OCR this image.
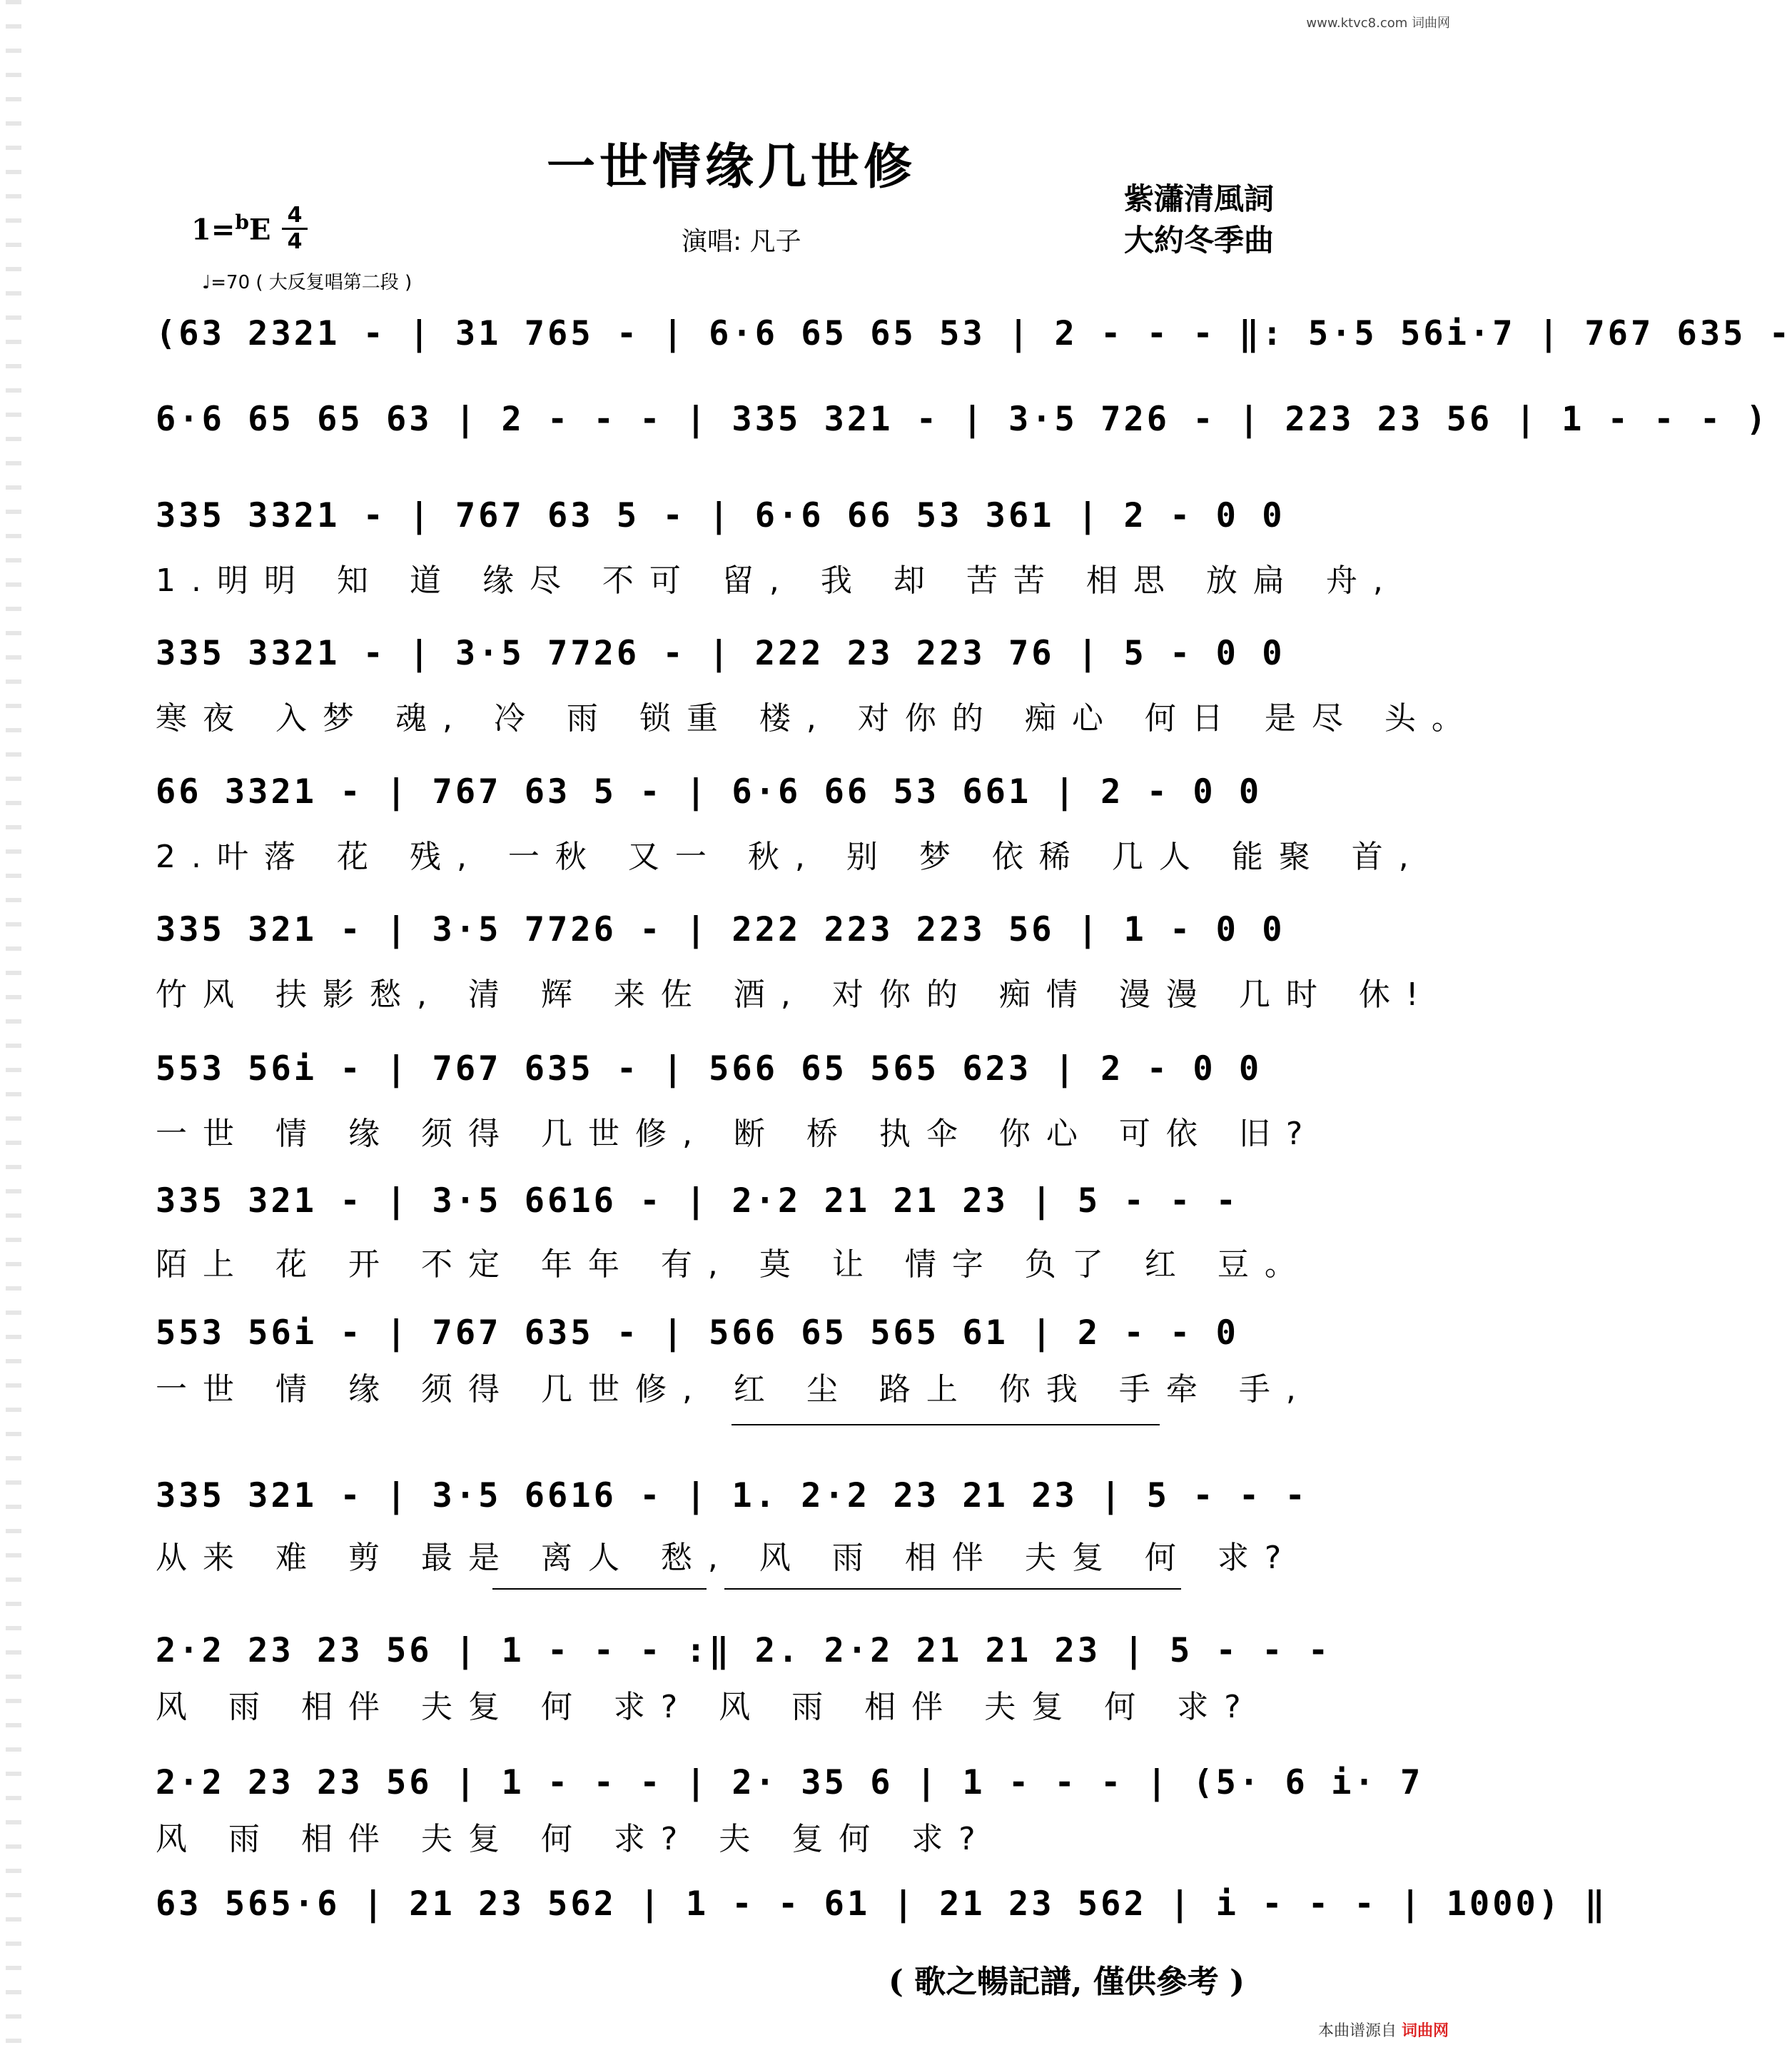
www.ktvc8.com 词曲网
一世情缘几世修
紫瀟清風詞
大約冬季曲
1=$^b$E 4
4	演唱: 凡子
♩=70 ( 大反复唱第二段 )
(63 2321 - | 31 765 - | 6·6 65 65 53 | 2 - - - ‖: 5·5 56i·7 | 767 635 -
6·6 65 65 63 | 2 - - - | 335 321 - | 3·5 726 - | 223 23 56 | 1 - - - )
335 3321 - | 767 63 5 - | 6·6 66 53 361 | 2 - 0 0
1.明明 知 道 缘尽 不可 留, 我 却 苦苦 相思 放扁 舟,
335 3321 - | 3·5 7726 - | 222 23 223 76 | 5 - 0 0
寒夜 入梦 魂, 冷 雨 锁重 楼, 对你的 痴心 何日 是尽 头。
66 3321 - | 767 63 5 - | 6·6 66 53 661 | 2 - 0 0
2.叶落 花 残, 一秋 又一 秋, 别 梦 依稀 几人 能聚 首,
335 321 - | 3·5 7726 - | 222 223 223 56 | 1 - 0 0
竹风 扶影愁, 清 辉 来佐 酒, 对你的 痴情 漫漫 几时 休!
553 56i - | 767 635 - | 566 65 565 623 | 2 - 0 0
一世 情 缘 须得 几世修, 断 桥 执伞 你心 可依 旧?
335 321 - | 3·5 6616 - | 2·2 21 21 23 | 5 - - -
陌上 花 开 不定 年年 有, 莫 让 情字 负了 红 豆。
553 56i - | 767 635 - | 566 65 565 61 | 2 - - 0
一世 情 缘 须得 几世修, 红 尘 路上 你我 手牵 手,
335 321 - | 3·5 6616 - | 1. 2·2 23 21 23 | 5 - - -
从来 难 剪 最是 离人 愁, 风 雨 相伴 夫复 何 求?
2·2 23 23 56 | 1 - - - :‖ 2. 2·2 21 21 23 | 5 - - -
风 雨 相伴 夫复 何 求? 风 雨 相伴 夫复 何 求?
2·2 23 23 56 | 1 - - - | 2· 35 6 | 1 - - - | (5· 6 i· 7
风 雨 相伴 夫复 何 求? 夫 复何 求?
63 565·6 | 21 23 562 | 1 - - 61 | 21 23 562 | i - - - | 1000) ‖
( 歌之暢記譜, 僅供參考 )
本曲谱源自 词曲网
